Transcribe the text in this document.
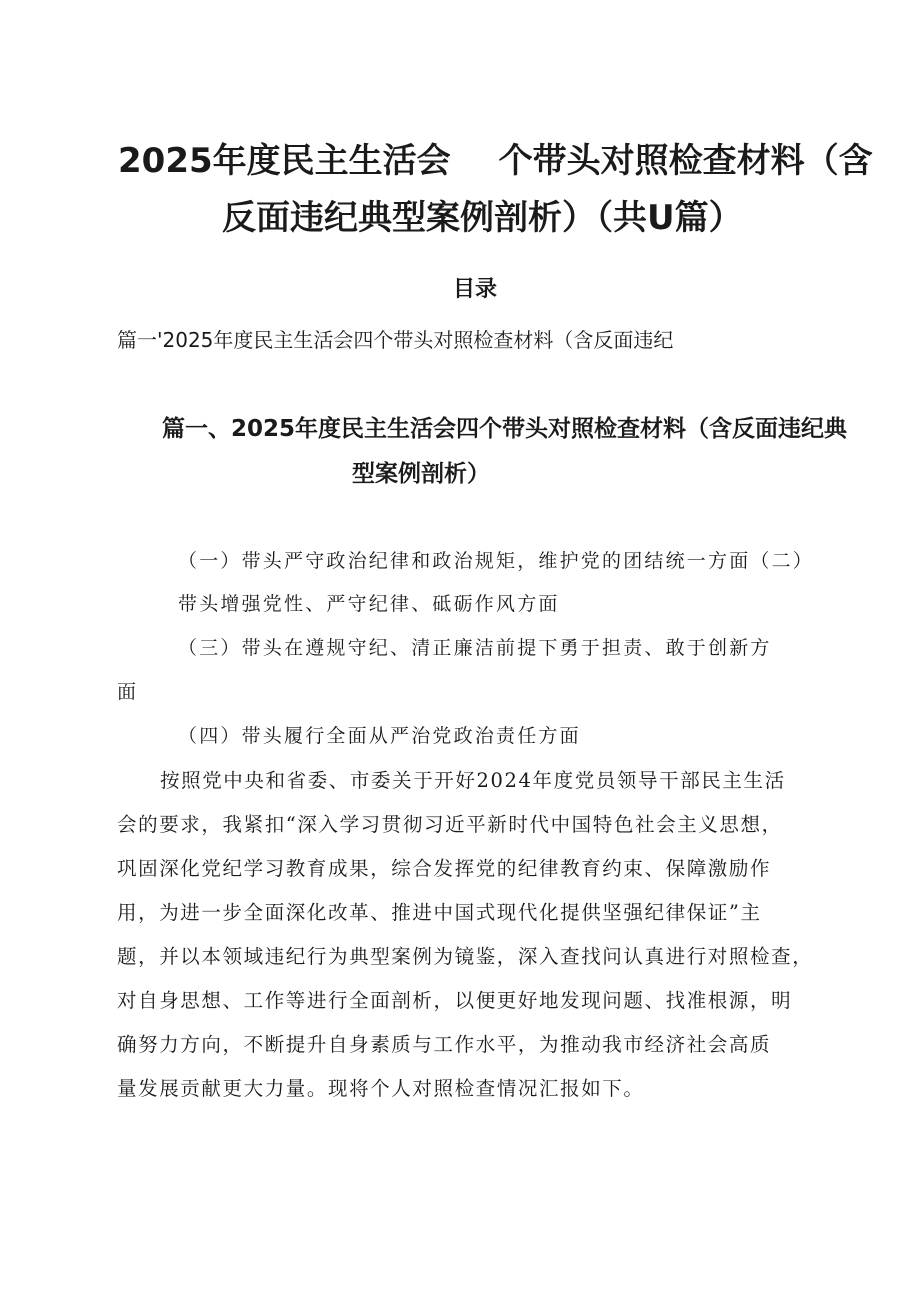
2025年度民主生活会 个带头对照检查材料（含
反面违纪典型案例剖析）（共U篇）
目录
篇一'2025年度民主生活会四个带头对照检查材料（含反面违纪
篇一、2025年度民主生活会四个带头对照检查材料（含反面违纪典
型案例剖析）
（一）带头严守政治纪律和政治规矩，维护党的团结统一方面（二）
带头增强党性、严守纪律、砥砺作风方面
（三）带头在遵规守纪、清正廉洁前提下勇于担责、敢于创新方
面
（四）带头履行全面从严治党政治责任方面
按照党中央和省委、市委关于开好2024年度党员领导干部民主生活
会的要求，我紧扣“深入学习贯彻习近平新时代中国特色社会主义思想，
巩固深化党纪学习教育成果，综合发挥党的纪律教育约束、保障激励作
用，为进一步全面深化改革、推进中国式现代化提供坚强纪律保证”主
题，并以本领域违纪行为典型案例为镜鉴，深入查找问认真进行对照检查，
对自身思想、工作等进行全面剖析，以便更好地发现问题、找准根源，明
确努力方向，不断提升自身素质与工作水平，为推动我市经济社会高质
量发展贡献更大力量。现将个人对照检查情况汇报如下。
